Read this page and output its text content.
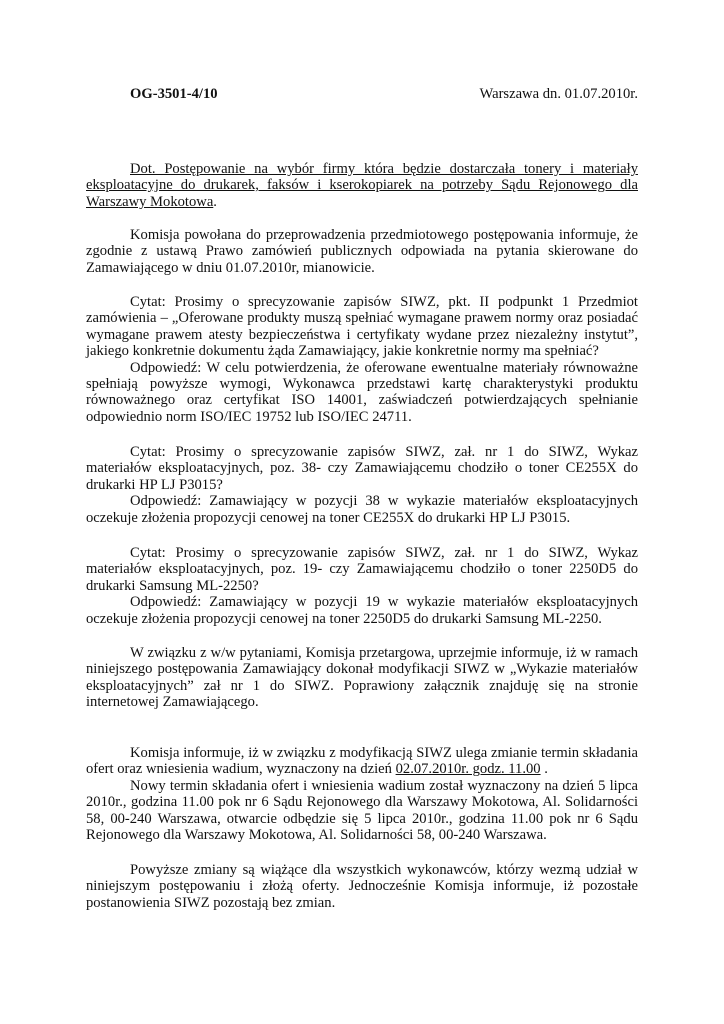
OG-3501-4/10	Warszawa dn. 01.07.2010r.

Dot. Postępowanie na wybór firmy która będzie dostarczała tonery i materiały eksploatacyjne do drukarek, faksów i kserokopiarek na potrzeby Sądu Rejonowego dla Warszawy Mokotowa.

Komisja powołana do przeprowadzenia przedmiotowego postępowania informuje, że zgodnie z ustawą Prawo zamówień publicznych odpowiada na pytania skierowane do Zamawiającego w dniu 01.07.2010r, mianowicie.

Cytat: Prosimy o sprecyzowanie zapisów SIWZ, pkt. II podpunkt 1 Przedmiot zamówienia – „Oferowane produkty muszą spełniać wymagane prawem normy oraz posiadać wymagane prawem atesty bezpieczeństwa i certyfikaty wydane przez niezależny instytut”, jakiego konkretnie dokumentu żąda Zamawiający, jakie konkretnie normy ma spełniać?

Odpowiedź: W celu potwierdzenia, że oferowane ewentualne materiały równoważne spełniają powyższe wymogi, Wykonawca przedstawi kartę charakterystyki produktu równoważnego oraz certyfikat ISO 14001, zaświadczeń potwierdzających spełnianie odpowiednio norm ISO/IEC 19752 lub ISO/IEC 24711.

Cytat: Prosimy o sprecyzowanie zapisów SIWZ, zał. nr 1 do SIWZ, Wykaz materiałów eksploatacyjnych, poz. 38- czy Zamawiającemu chodziło o toner CE255X do drukarki HP LJ P3015?

Odpowiedź: Zamawiający w pozycji 38 w wykazie materiałów eksploatacyjnych oczekuje złożenia propozycji cenowej na toner CE255X do drukarki HP LJ P3015.

Cytat: Prosimy o sprecyzowanie zapisów SIWZ, zał. nr 1 do SIWZ, Wykaz materiałów eksploatacyjnych, poz. 19- czy Zamawiającemu chodziło o toner 2250D5 do drukarki Samsung ML-2250?

Odpowiedź: Zamawiający w pozycji 19 w wykazie materiałów eksploatacyjnych oczekuje złożenia propozycji cenowej na toner 2250D5 do drukarki Samsung ML-2250.

W związku z w/w pytaniami, Komisja przetargowa, uprzejmie informuje, iż w ramach niniejszego postępowania Zamawiający dokonał modyfikacji SIWZ w „Wykazie materiałów eksploatacyjnych” zał nr 1 do SIWZ. Poprawiony załącznik znajduję się na stronie internetowej Zamawiającego.

Komisja informuje, iż w związku z modyfikacją SIWZ ulega zmianie termin składania ofert oraz wniesienia wadium, wyznaczony na dzień 02.07.2010r. godz. 11.00 .

Nowy termin składania ofert i wniesienia wadium został wyznaczony na dzień 5 lipca 2010r., godzina 11.00 pok nr 6 Sądu Rejonowego dla Warszawy Mokotowa, Al. Solidarności 58, 00-240 Warszawa, otwarcie odbędzie się 5 lipca 2010r., godzina 11.00 pok nr 6 Sądu Rejonowego dla Warszawy Mokotowa, Al. Solidarności 58, 00-240 Warszawa.

Powyższe zmiany są wiążące dla wszystkich wykonawców, którzy wezmą udział w niniejszym postępowaniu i złożą oferty. Jednocześnie Komisja informuje, iż pozostałe postanowienia SIWZ pozostają bez zmian.
